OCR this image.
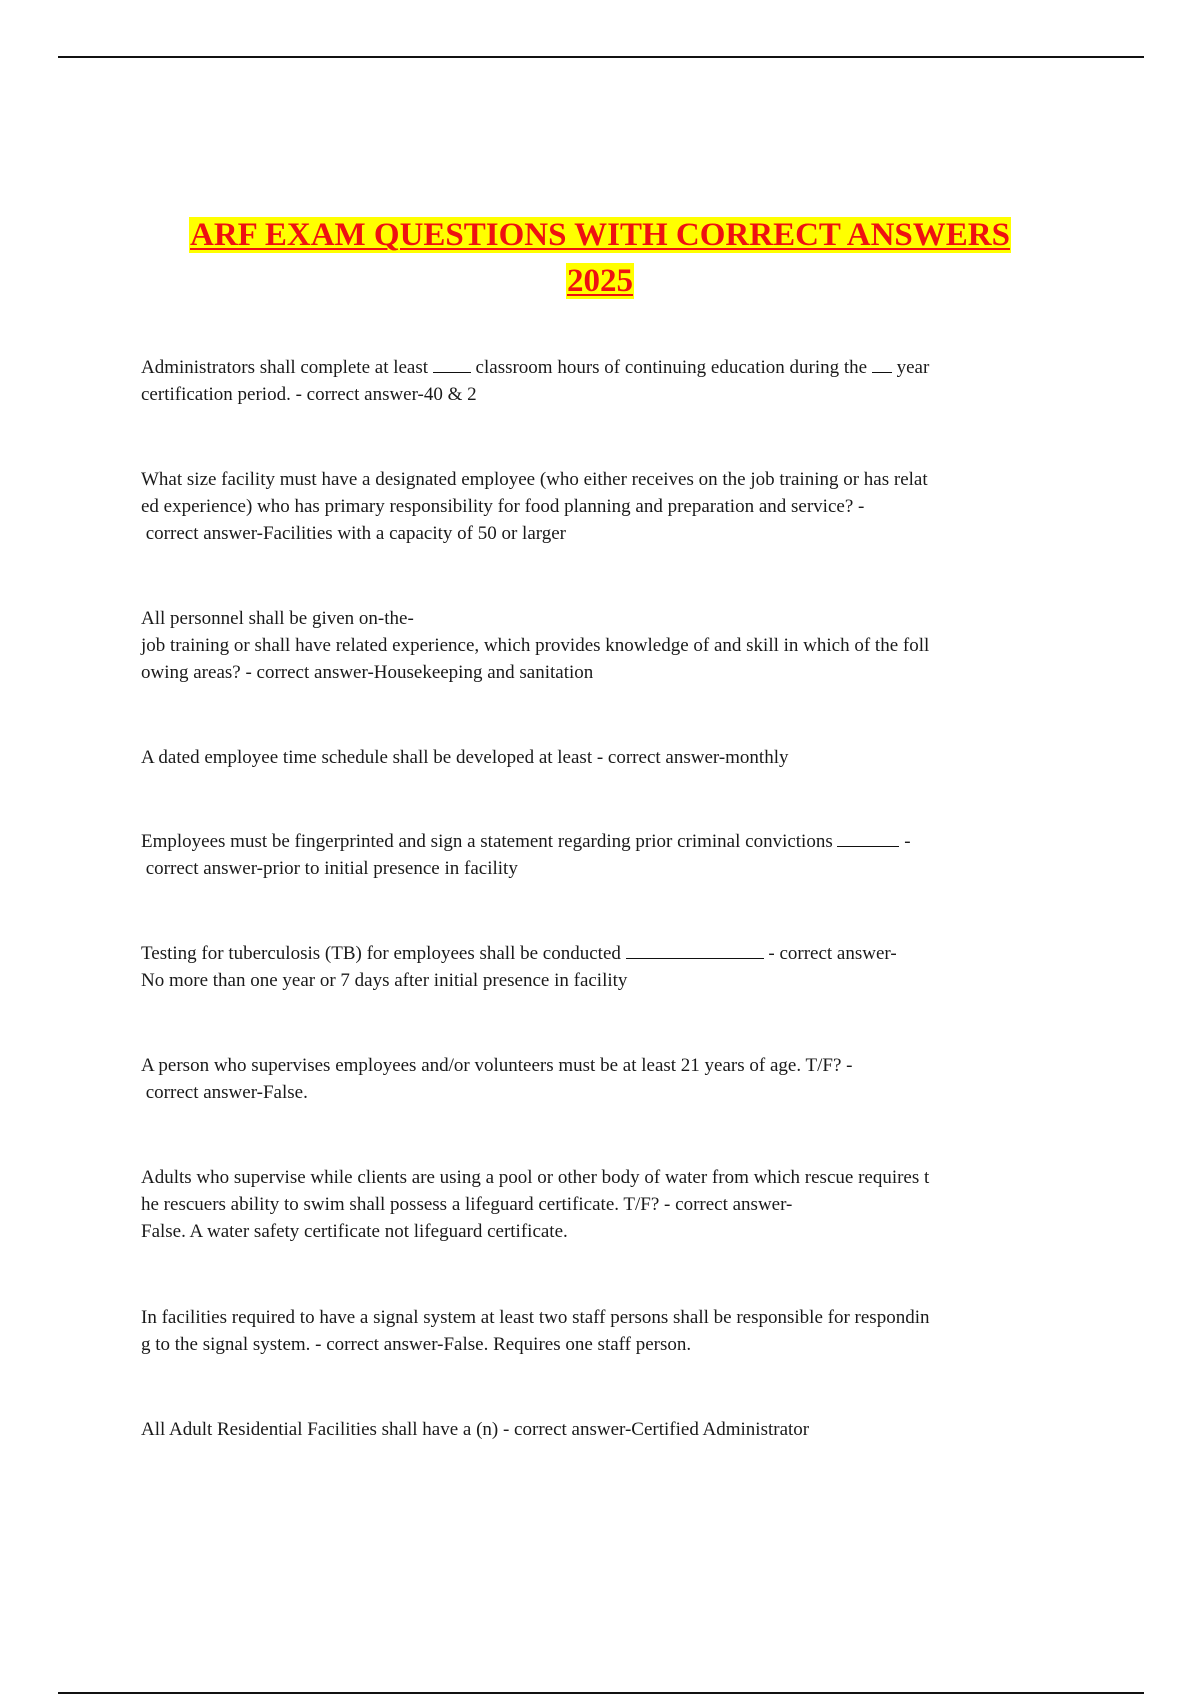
ARF EXAM QUESTIONS WITH CORRECT ANSWERS
2025
Administrators shall complete at least  classroom hours of continuing education during the  year
certification period. - correct answer-40 & 2
What size facility must have a designated employee (who either receives on the job training or has relat
ed experience) who has primary responsibility for food planning and preparation and service? -
correct answer-Facilities with a capacity of 50 or larger
All personnel shall be given on-the-
job training or shall have related experience, which provides knowledge of and skill in which of the foll
owing areas? - correct answer-Housekeeping and sanitation
A dated employee time schedule shall be developed at least - correct answer-monthly
Employees must be fingerprinted and sign a statement regarding prior criminal convictions	-
correct answer-prior to initial presence in facility
Testing for tuberculosis (TB) for employees shall be conducted	- correct answer-
No more than one year or 7 days after initial presence in facility
A person who supervises employees and/or volunteers must be at least 21 years of age. T/F? -
correct answer-False.
Adults who supervise while clients are using a pool or other body of water from which rescue requires t
he rescuers ability to swim shall possess a lifeguard certificate. T/F? - correct answer-
False. A water safety certificate not lifeguard certificate.
In facilities required to have a signal system at least two staff persons shall be responsible for respondin
g to the signal system. - correct answer-False. Requires one staff person.
All Adult Residential Facilities shall have a (n) - correct answer-Certified Administrator
